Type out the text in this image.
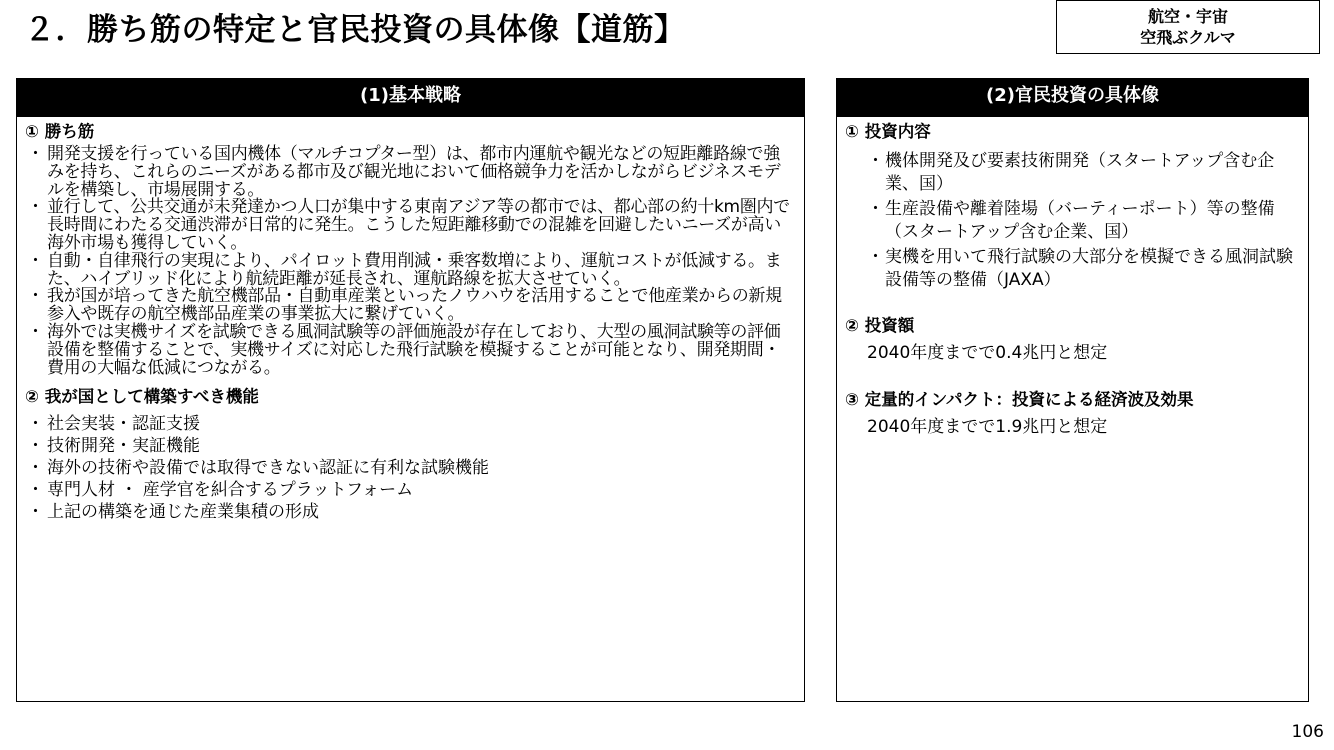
２．勝ち筋の特定と官民投資の具体像【道筋】	航空・宇宙
空飛ぶクルマ
(1)基本戦略
① 勝ち筋
・ 開発支援を行っている国内機体（マルチコプター型）は、都市内運航や観光などの短距離路線で強みを持ち、これらのニーズがある都市及び観光地において価格競争力を活かしながらビジネスモデルを構築し、市場展開する。
・ 並行して、公共交通が未発達かつ人口が集中する東南アジア等の都市では、都心部の約十km圏内で長時間にわたる交通渋滞が日常的に発生。こうした短距離移動での混雑を回避したいニーズが高い海外市場も獲得していく。
・ 自動・自律飛行の実現により、パイロット費用削減・乗客数増により、運航コストが低減する。また、ハイブリッド化により航続距離が延長され、運航路線を拡大させていく。
・ 我が国が培ってきた航空機部品・自動車産業といったノウハウを活用することで他産業からの新規参入や既存の航空機部品産業の事業拡大に繋げていく。
・ 海外では実機サイズを試験できる風洞試験等の評価施設が存在しており、大型の風洞試験等の評価設備を整備することで、実機サイズに対応した飛行試験を模擬することが可能となり、開発期間・費用の大幅な低減につながる。
② 我が国として構築すべき機能
・ 社会実装・認証支援
・ 技術開発・実証機能
・ 海外の技術や設備では取得できない認証に有利な試験機能
・ 専門人材 ・ 産学官を糾合するプラットフォーム
・ 上記の構築を通じた産業集積の形成
(2)官民投資の具体像
① 投資内容
・ 機体開発及び要素技術開発（スタートアップ含む企業、国）
・ 生産設備や離着陸場（バーティーポート）等の整備（スタートアップ含む企業、国）
・ 実機を用いて飛行試験の大部分を模擬できる風洞試験設備等の整備（JAXA）
② 投資額
2040年度までで0.4兆円と想定
③ 定量的インパクト：投資による経済波及効果
2040年度までで1.9兆円と想定
106
